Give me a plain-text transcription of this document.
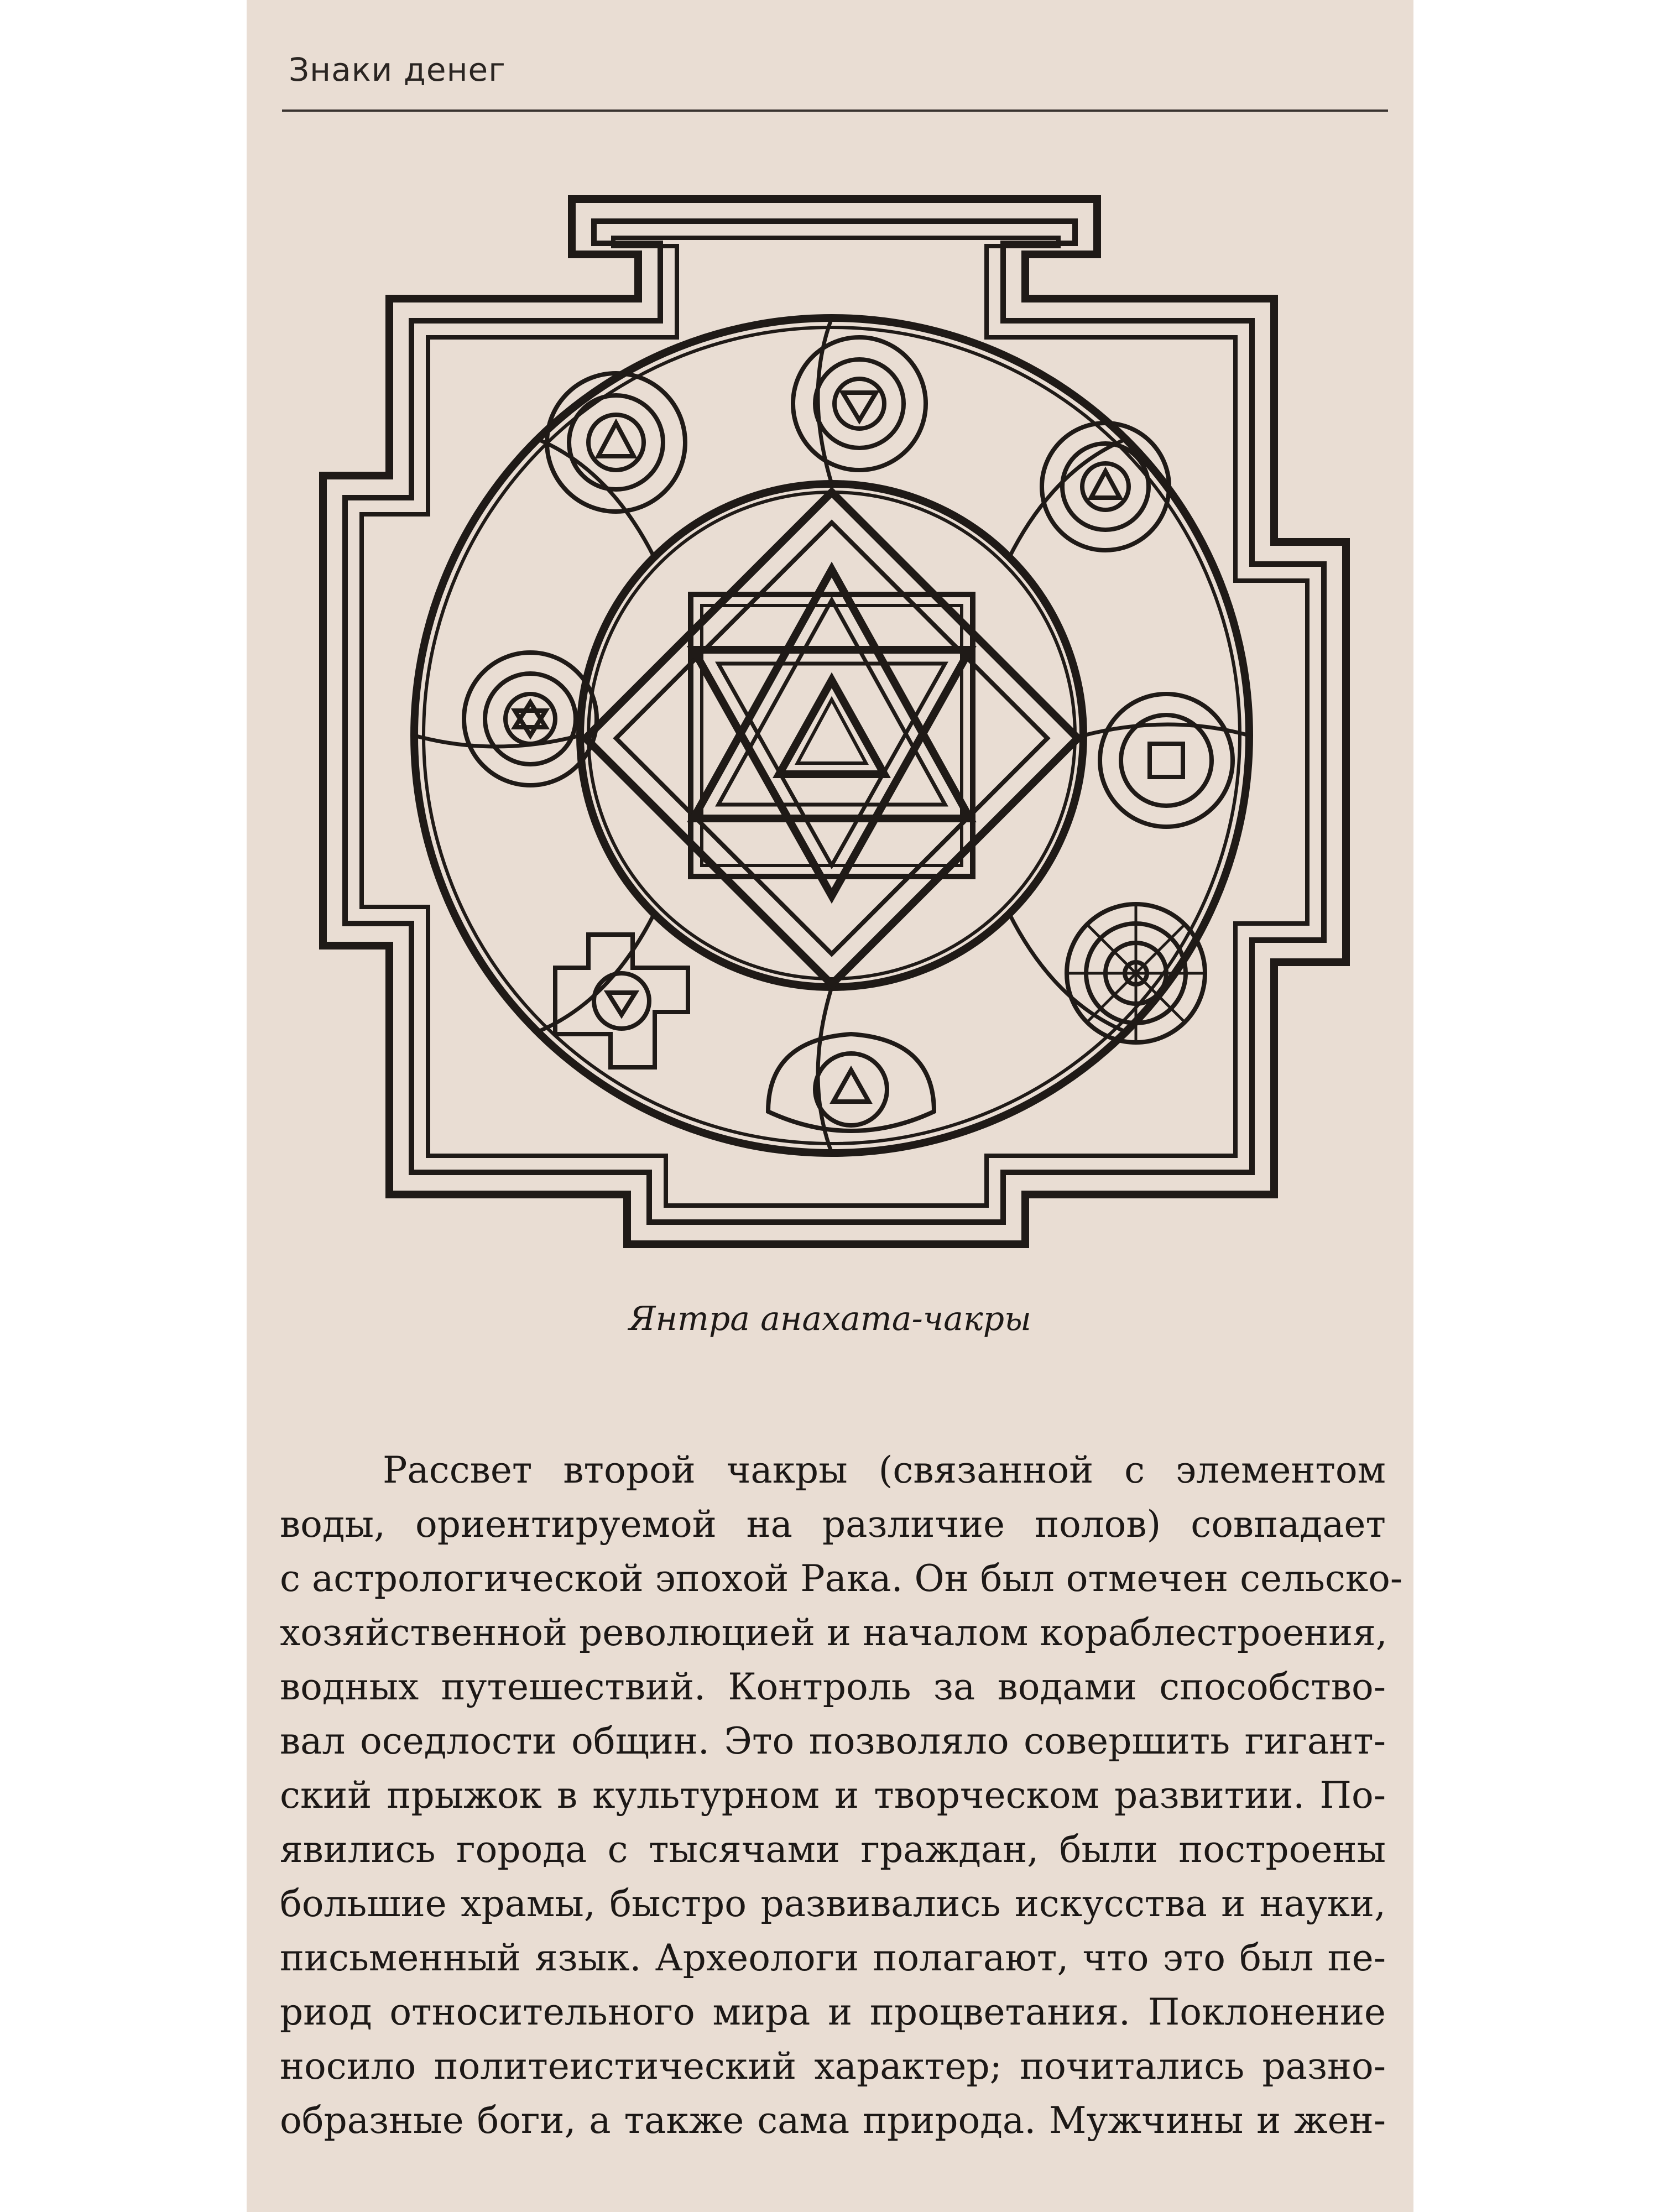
Знаки денег
Янтра анахата-чакры
Рассвет второй чакры (связанной с элементом
воды, ориентируемой на различие полов) совпадает
с астрологической эпохой Рака. Он был отмечен сельско-
хозяйственной революцией и началом кораблестроения,
водных путешествий. Контроль за водами способство-
вал оседлости общин. Это позволяло совершить гигант-
ский прыжок в культурном и творческом развитии. По-
явились города с тысячами граждан, были построены
большие храмы, быстро развивались искусства и науки,
письменный язык. Археологи полагают, что это был пе-
риод относительного мира и процветания. Поклонение
носило политеистический характер; почитались разно-
образные боги, а также сама природа. Мужчины и жен-
